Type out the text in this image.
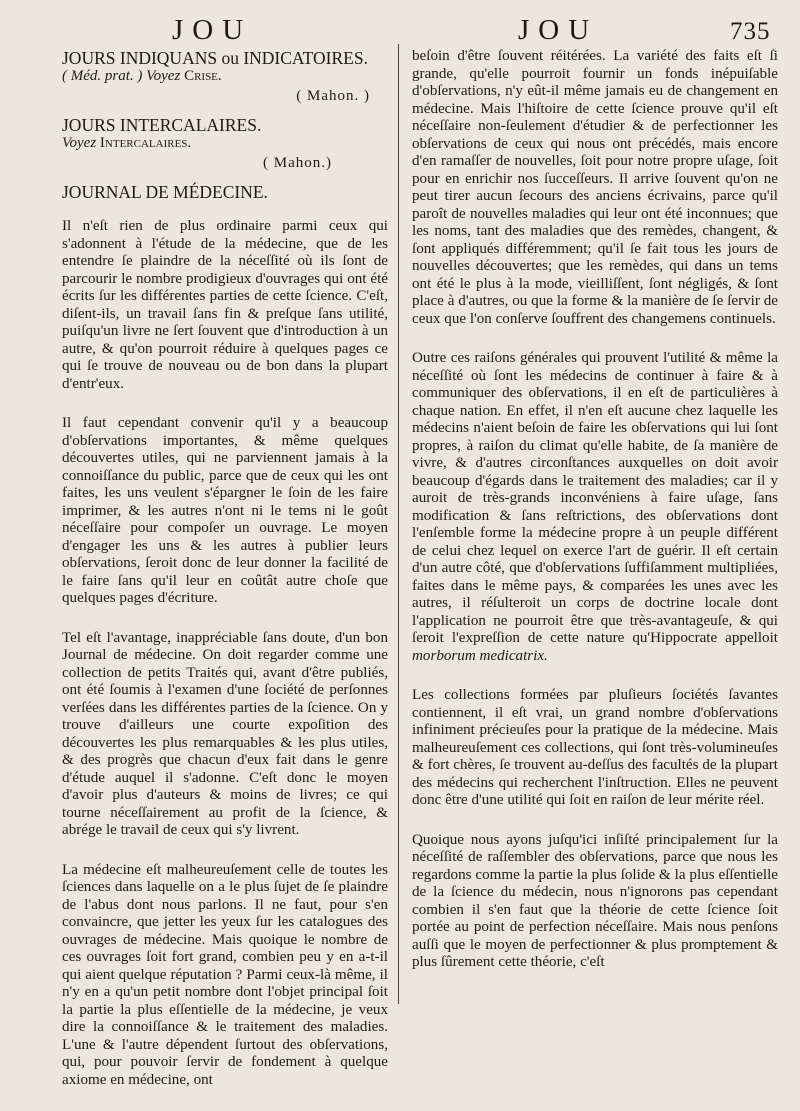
JOU	JOU	735
JOURS INDIQUANS ou INDICATOIRES.

( Méd. prat. ) Voyez Crise.

( Mahon. )

JOURS INTERCALAIRES.

Voyez Intercalaires.

( Mahon.)

JOURNAL DE MÉDECINE.

Il n'eſt rien de plus ordinaire parmi ceux qui s'adonnent à l'étude de la médecine, que de les entendre ſe plaindre de la néceſſité où ils ſont de parcourir le nombre prodigieux d'ouvrages qui ont été écrits ſur les différentes parties de cette ſcience. C'eſt, diſent-ils, un travail ſans fin & preſque ſans utilité, puiſqu'un livre ne ſert ſouvent que d'introduction à un autre, & qu'on pourroit réduire à quelques pages ce qui ſe trouve de nouveau ou de bon dans la plupart d'entr'eux.

Il faut cependant convenir qu'il y a beaucoup d'obſervations importantes, & même quelques découvertes utiles, qui ne parviennent jamais à la connoiſſance du public, parce que de ceux qui les ont faites, les uns veulent s'épargner le ſoin de les faire imprimer, & les autres n'ont ni le tems ni le goût néceſſaire pour compoſer un ouvrage. Le moyen d'engager les uns & les autres à publier leurs obſervations, ſeroit donc de leur donner la facilité de le faire ſans qu'il leur en coûtât autre choſe que quelques pages d'écriture.

Tel eſt l'avantage, inappréciable ſans doute, d'un bon Journal de médecine. On doit regarder comme une collection de petits Traités qui, avant d'être publiés, ont été ſoumis à l'examen d'une ſociété de perſonnes verſées dans les différentes parties de la ſcience. On y trouve d'ailleurs une courte expoſition des découvertes les plus remarquables & les plus utiles, & des progrès que chacun d'eux fait dans le genre d'étude auquel il s'adonne. C'eſt donc le moyen d'avoir plus d'auteurs & moins de livres; ce qui tourne néceſſairement au profit de la ſcience, & abrége le travail de ceux qui s'y livrent.

La médecine eſt malheureuſement celle de toutes les ſciences dans laquelle on a le plus ſujet de ſe plaindre de l'abus dont nous parlons. Il ne faut, pour s'en convaincre, que jetter les yeux ſur les catalogues des ouvrages de médecine. Mais quoique le nombre de ces ouvrages ſoit fort grand, combien peu y en a-t-il qui aient quelque réputation ? Parmi ceux-là même, il n'y en a qu'un petit nombre dont l'objet principal ſoit la partie la plus eſſentielle de la médecine, je veux dire la connoiſſance & le traitement des maladies. L'une & l'autre dépendent ſurtout des obſervations, qui, pour pouvoir ſervir de fondement à quelque axiome en médecine, ont

beſoin d'être ſouvent réitérées. La variété des faits eſt ſi grande, qu'elle pourroit fournir un fonds inépuiſable d'obſervations, n'y eût-il même jamais eu de changement en médecine. Mais l'hiſtoire de cette ſcience prouve qu'il eſt néceſſaire non-ſeulement d'étudier & de perfectionner les obſervations de ceux qui nous ont précédés, mais encore d'en ramaſſer de nouvelles, ſoit pour notre propre uſage, ſoit pour en enrichir nos ſucceſſeurs. Il arrive ſouvent qu'on ne peut tirer aucun ſecours des anciens écrivains, parce qu'il paroît de nouvelles maladies qui leur ont été inconnues; que les noms, tant des maladies que des remèdes, changent, & ſont appliqués différemment; qu'il ſe fait tous les jours de nouvelles découvertes; que les remèdes, qui dans un tems ont été le plus à la mode, vieilliſſent, ſont négligés, & ſont place à d'autres, ou que la forme & la manière de ſe ſervir de ceux que l'on conſerve ſouffrent des changemens continuels.

Outre ces raiſons générales qui prouvent l'utilité & même la néceſſité où ſont les médecins de continuer à faire & à communiquer des obſervations, il en eſt de particulières à chaque nation. En effet, il n'en eſt aucune chez laquelle les médecins n'aient beſoin de faire les obſervations qui lui ſont propres, à raiſon du climat qu'elle habite, de ſa manière de vivre, & d'autres circonſtances auxquelles on doit avoir beaucoup d'égards dans le traitement des maladies; car il y auroit de très-grands inconvéniens à faire uſage, ſans modification & ſans reſtrictions, des obſervations dont l'enſemble forme la médecine propre à un peuple différent de celui chez lequel on exerce l'art de guérir. Il eſt certain d'un autre côté, que d'obſervations ſuffiſamment multipliées, faites dans le même pays, & comparées les unes avec les autres, il réſulteroit un corps de doctrine locale dont l'application ne pourroit être que très-avantageuſe, & qui ſeroit l'expreſſion de cette nature qu'Hippocrate appelloit morborum medicatrix.

Les collections formées par pluſieurs ſociétés ſavantes contiennent, il eſt vrai, un grand nombre d'obſervations infiniment précieuſes pour la pratique de la médecine. Mais malheureuſement ces collections, qui ſont très-volumineuſes & fort chères, ſe trouvent au-deſſus des facultés de la plupart des médecins qui recherchent l'inſtruction. Elles ne peuvent donc être d'une utilité qui ſoit en raiſon de leur mérite réel.

Quoique nous ayons juſqu'ici inſiſté principalement ſur la néceſſité de raſſembler des obſervations, parce que nous les regardons comme la partie la plus ſolide & la plus eſſentielle de la ſcience du médecin, nous n'ignorons pas cependant combien il s'en faut que la théorie de cette ſcience ſoit portée au point de perfection néceſſaire. Mais nous penſons auſſi que le moyen de perfectionner & plus promptement & plus ſûrement cette théorie, c'eſt
